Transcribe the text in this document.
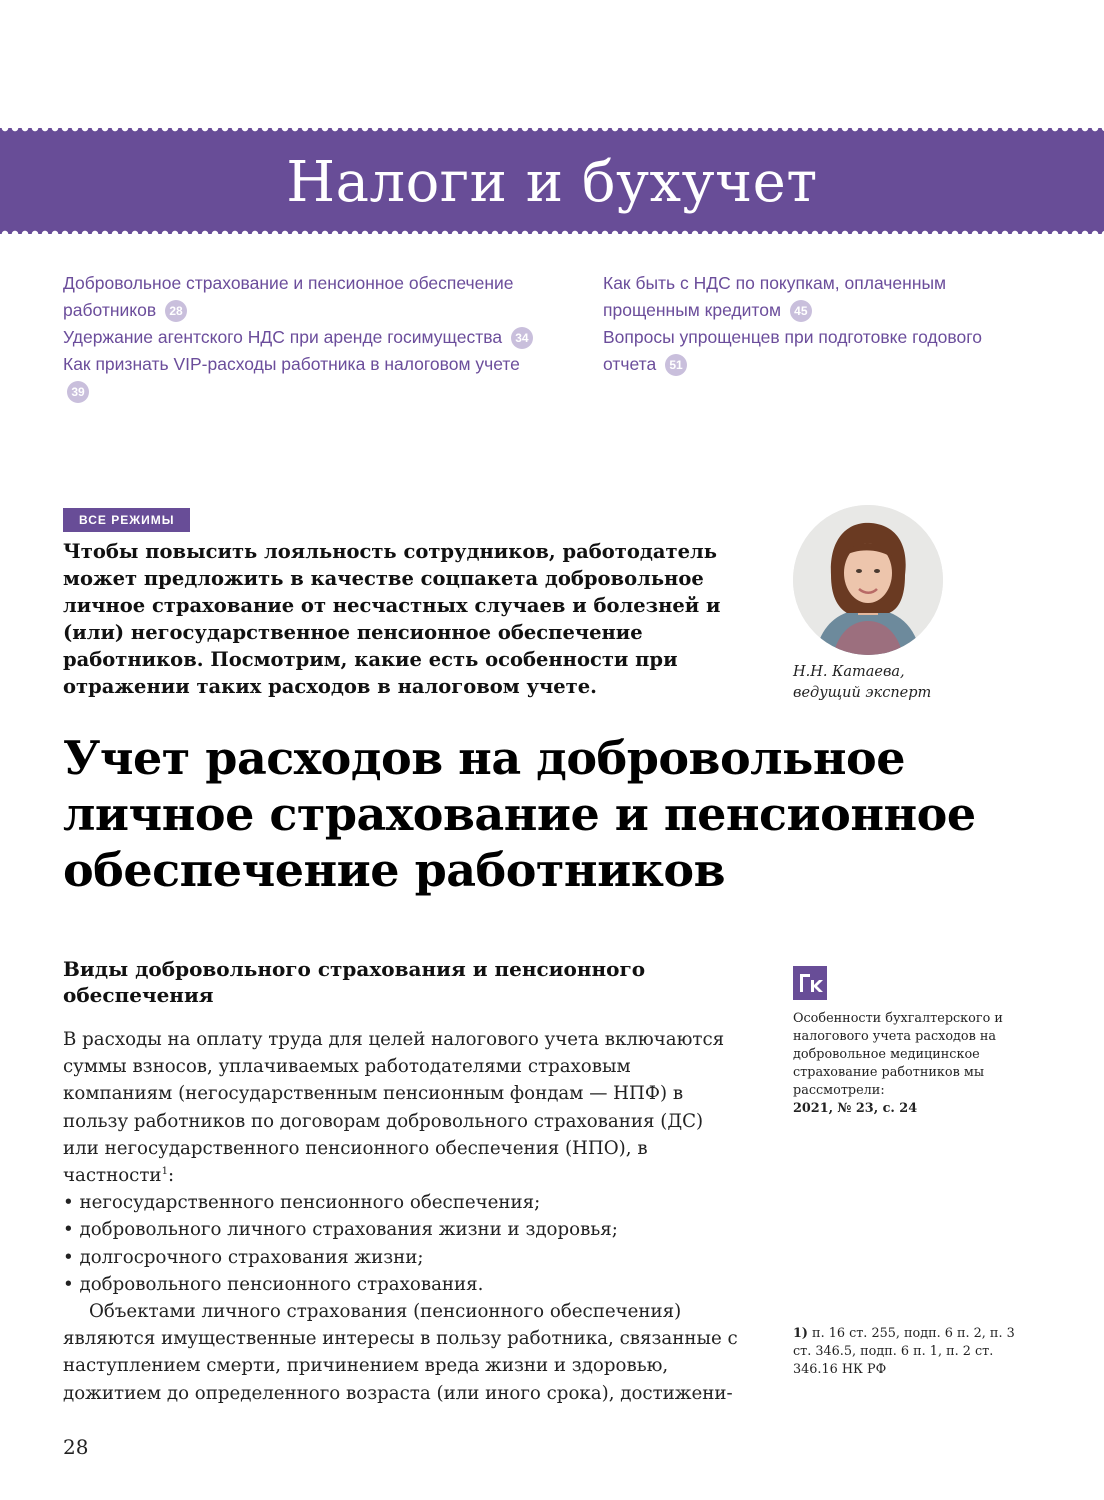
Налоги и бухучет

Добровольное страхование и пенсионное обеспечение
работников 28

Удержание агентского НДС при аренде госимущества 34

Как признать VIP-расходы работника в налоговом учете 39

Как быть с НДС по покупкам, оплаченным
прощенным кредитом 45

Вопросы упрощенцев при подготовке годового
отчета 51

ВСЕ РЕЖИМЫ

Чтобы повысить лояльность сотрудников, работодатель может предложить в качестве соцпакета добровольное личное страхование от несчастных случаев и болезней и (или) негосударственное пенсионное обеспечение работников. Посмотрим, какие есть особенности при отражении таких расходов в налоговом учете.

Н.Н. Катаева,
ведущий эксперт
Учет расходов на добровольное личное страхование и пенсионное обеспечение работников
Виды добровольного страхования и пенсионного обеспечения

В расходы на оплату труда для целей налогового учета включаются суммы взносов, уплачиваемых работодателями страховым компаниям (негосударственным пенсионным фондам — НПФ) в пользу работников по договорам добровольного страхования (ДС) или негосударственного пенсионного обеспечения (НПО), в частности$^1$:

• негосударственного пенсионного обеспечения;
• добровольного личного страхования жизни и здоровья;
• долгосрочного страхования жизни;
• добровольного пенсионного страхования.

Объектами личного страхования (пенсионного обеспечения) являются имущественные интересы в пользу работника, связанные с наступлением смерти, причинением вреда жизни и здоровью, дожитием до определенного возраста (или иного срока), достижени-

Особенности бухгалтерского и налогового учета расходов на добровольное медицинское страхование работников мы рассмотрели:
2021, № 23, с. 24
1) п. 16 ст. 255, подп. 6 п. 2, п. 3 ст. 346.5, подп. 6 п. 1, п. 2 ст. 346.16 НК РФ
28
